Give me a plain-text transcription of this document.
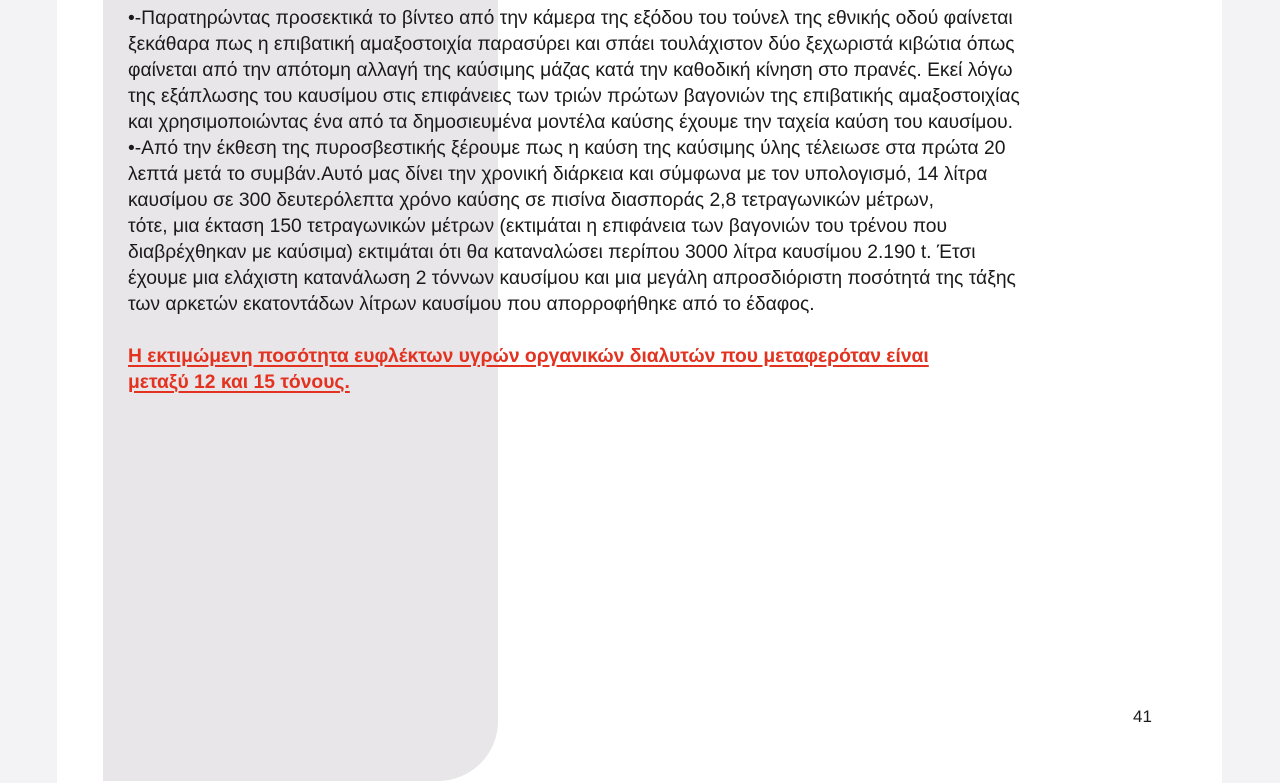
•-Παρατηρώντας προσεκτικά το βίντεο από την κάμερα της εξόδου του τούνελ της εθνικής οδού φαίνεται
ξεκάθαρα πως η επιβατική αμαξοστοιχία παρασύρει και σπάει τουλάχιστον δύο ξεχωριστά κιβώτια όπως
φαίνεται από την απότομη αλλαγή της καύσιμης μάζας κατά την καθοδική κίνηση στο πρανές. Εκεί λόγω
της εξάπλωσης του καυσίμου στις επιφάνειες των τριών πρώτων βαγονιών της επιβατικής αμαξοστοιχίας
και χρησιμοποιώντας ένα από τα δημοσιευμένα μοντέλα καύσης έχουμε την ταχεία καύση του καυσίμου.

•-Από την έκθεση της πυροσβεστικής ξέρουμε πως η καύση της καύσιμης ύλης τέλειωσε στα πρώτα 20
λεπτά μετά το συμβάν.Αυτό μας δίνει την χρονική διάρκεια και σύμφωνα με τον υπολογισμό, 14 λίτρα
καυσίμου σε 300 δευτερόλεπτα χρόνο καύσης σε πισίνα διασποράς 2,8 τετραγωνικών μέτρων,
τότε, μια έκταση 150 τετραγωνικών μέτρων (εκτιμάται η επιφάνεια των βαγονιών του τρένου που
διαβρέχθηκαν με καύσιμα) εκτιμάται ότι θα καταναλώσει περίπου 3000 λίτρα καυσίμου 2.190 t. Έτσι
έχουμε μια ελάχιστη κατανάλωση 2 τόννων καυσίμου και μια μεγάλη απροσδιόριστη ποσότητά της τάξης
των αρκετών εκατοντάδων λίτρων καυσίμου που απορροφήθηκε από το έδαφος.

Η εκτιμώμενη ποσότητα ευφλέκτων υγρών οργανικών διαλυτών που μεταφερόταν είναι
μεταξύ 12 και 15 τόνους.

41
